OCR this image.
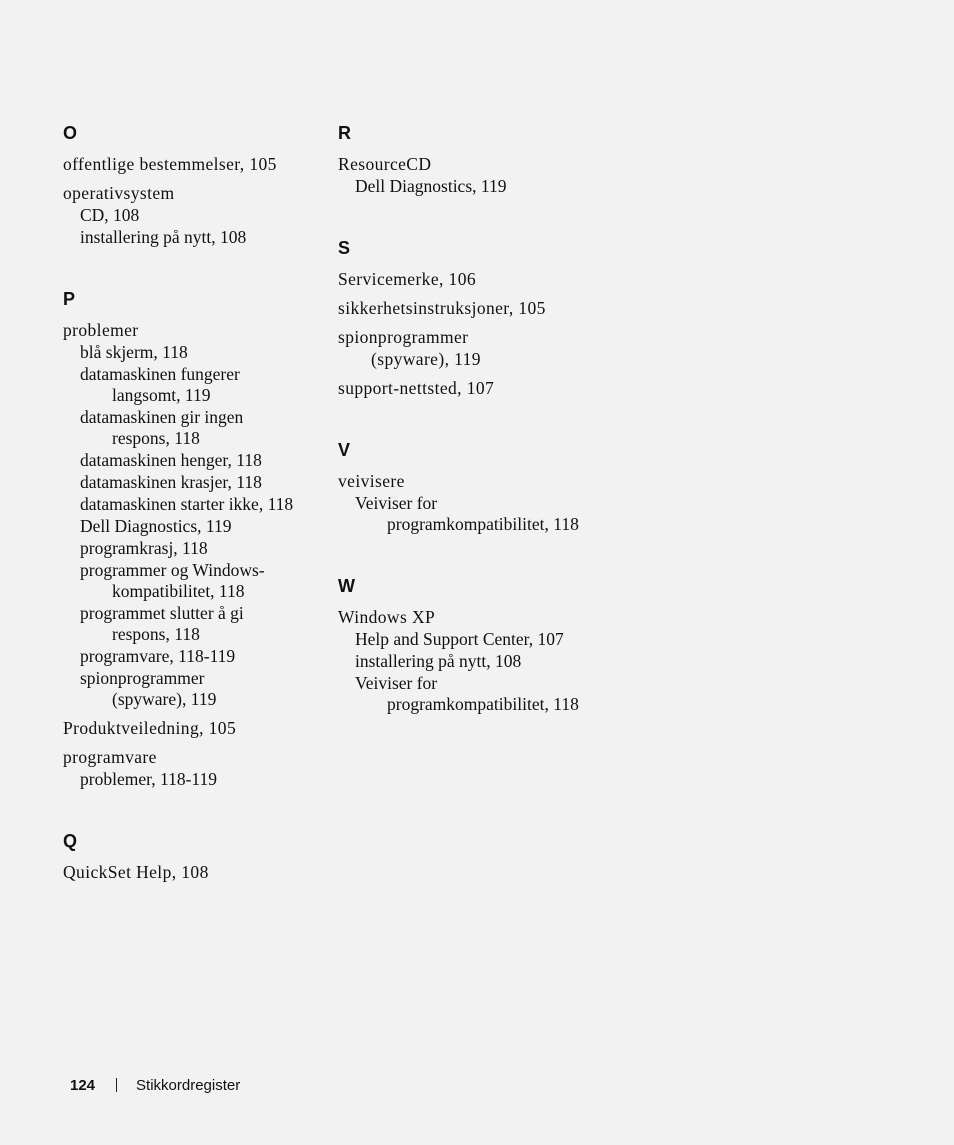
O
offentlige bestemmelser, 105
operativsystem
CD, 108
installering på nytt, 108
P
problemer
blå skjerm, 118
datamaskinen fungerer
langsomt, 119
datamaskinen gir ingen
respons, 118
datamaskinen henger, 118
datamaskinen krasjer, 118
datamaskinen starter ikke, 118
Dell Diagnostics, 119
programkrasj, 118
programmer og Windows-
kompatibilitet, 118
programmet slutter å gi
respons, 118
programvare, 118-119
spionprogrammer
(spyware), 119
Produktveiledning, 105
programvare
problemer, 118-119
Q
QuickSet Help, 108
R
ResourceCD
Dell Diagnostics, 119
S
Servicemerke, 106
sikkerhetsinstruksjoner, 105
spionprogrammer
(spyware), 119
support-nettsted, 107
V
veivisere
Veiviser for
programkompatibilitet, 118
W
Windows XP
Help and Support Center, 107
installering på nytt, 108
Veiviser for
programkompatibilitet, 118
124	Stikkordregister
